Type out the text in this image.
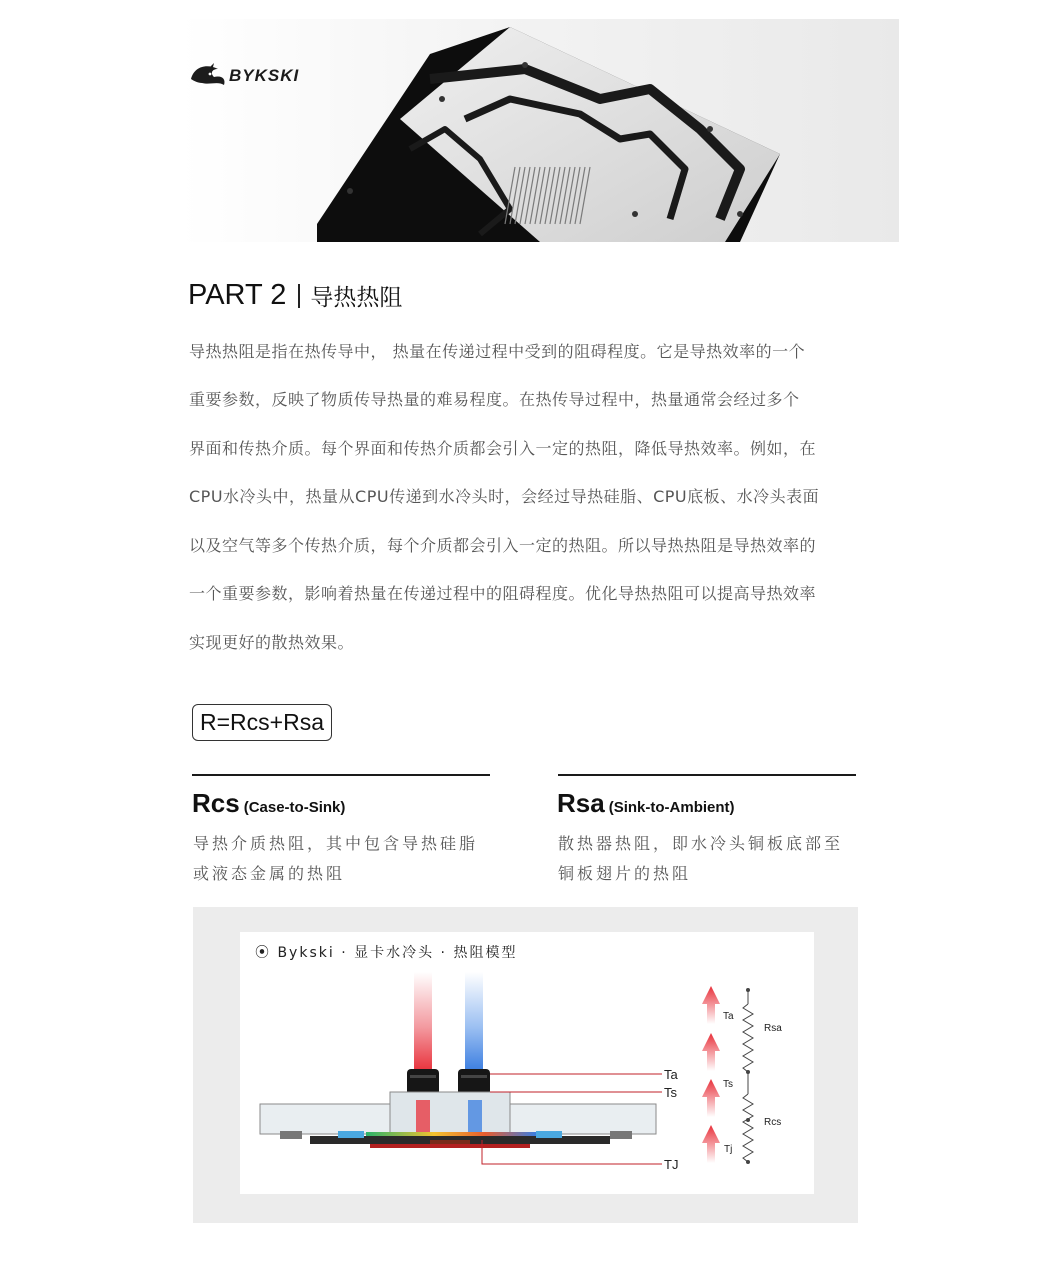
BYKSKI
PART 2 导热热阻
导热热阻是指在热传导中， 热量在传递过程中受到的阻碍程度。它是导热效率的一个
重要参数，反映了物质传导热量的难易程度。在热传导过程中，热量通常会经过多个
界面和传热介质。每个界面和传热介质都会引入一定的热阻，降低导热效率。例如，在
CPU水冷头中，热量从CPU传递到水冷头时，会经过导热硅脂、CPU底板、水冷头表面
以及空气等多个传热介质，每个介质都会引入一定的热阻。所以导热热阻是导热效率的
一个重要参数，影响着热量在传递过程中的阻碍程度。优化导热热阻可以提高导热效率
实现更好的散热效果。
R=Rcs+Rsa
Rcs (Case-to-Sink)
导热介质热阻，其中包含导热硅脂
或液态金属的热阻
Rsa (Sink-to-Ambient)
散热器热阻，即水冷头铜板底部至
铜板翅片的热阻
⦿ Bykski · 显卡水冷头 · 热阻模型
Ta
Ts
TJ
Ta
Ts
Tj
Rsa
Rcs
